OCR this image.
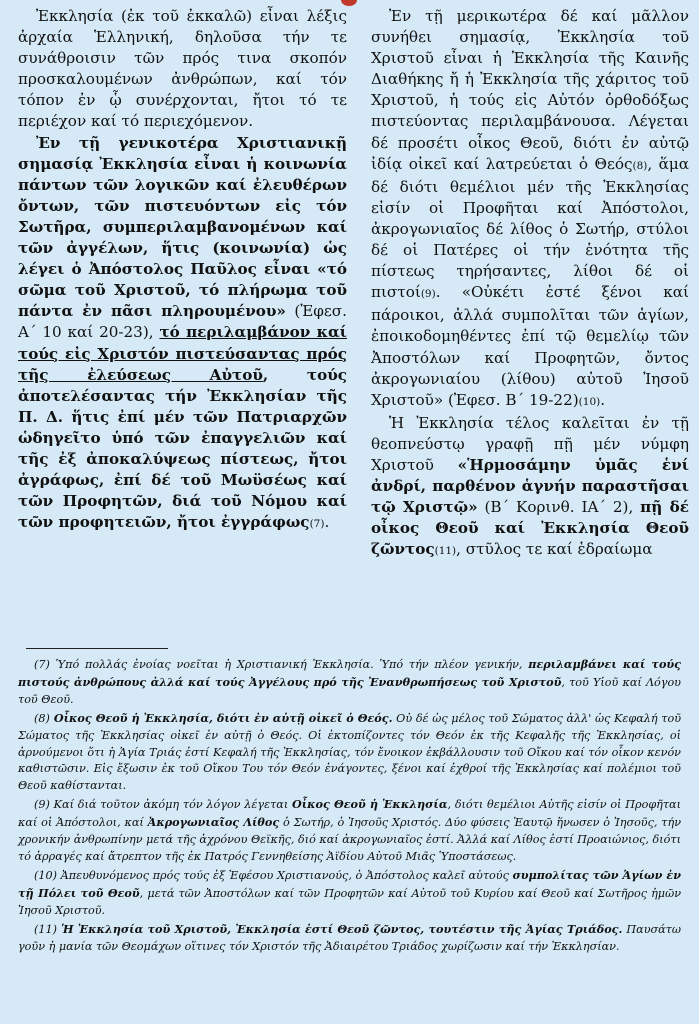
Ἐκκλησία (ἐκ τοῦ ἐκκαλῶ) εἶναι λέξις ἀρχαία Ἑλληνική, δηλοῦσα τήν τε συνάθροισιν τῶν πρός τινα σκοπόν προσκαλουμένων ἀνθρώπων, καί τόν τόπον ἐν ᾧ συνέρχονται, ἤτοι τό τε περιέχον καί τό περιεχόμενον.

Ἐν τῇ γενικοτέρα Χριστιανικῇ σημασίᾳ Ἐκκλησία εἶναι ἡ κοινωνία πάντων τῶν λογικῶν καί ἐλευθέρων ὄντων, τῶν πιστευόντων εἰς τόν Σωτῆρα, συμπεριλαμβανομένων καί τῶν ἀγγέλων, ἥτις (κοινωνία) ὡς λέγει ὁ Ἀπόστολος Παῦλος εἶναι «τό σῶμα τοῦ Χριστοῦ, τό πλήρωμα τοῦ πάντα ἐν πᾶσι πληρουμένου» (Ἐφεσ. Α΄ 10 καί 20-23), τό περιλαμβάνον καί τούς εἰς Χριστόν πιστεύσαντας πρός τῆς ἐλεύσεως Αὐτοῦ, τούς ἀποτελέσαντας τήν Ἐκκλησίαν τῆς Π. Δ. ἥτις ἐπί μέν τῶν Πατριαρχῶν ὡδηγεῖτο ὑπό τῶν ἐπαγγελιῶν καί τῆς ἐξ ἀποκαλύψεως πίστεως, ἤτοι ἀγράφως, ἐπί δέ τοῦ Μωϋσέως καί τῶν Προφητῶν, διά τοῦ Νόμου καί τῶν προφητειῶν, ἤτοι ἐγγράφως(7).

Ἐν τῇ μερικωτέρα δέ καί μᾶλλον συνήθει σημασίᾳ, Ἐκκλησία τοῦ Χριστοῦ εἶναι ἡ Ἐκκλησία τῆς Καινῆς Διαθήκης ἤ ἡ Ἐκκλησία τῆς χάριτος τοῦ Χριστοῦ, ἡ τούς εἰς Αὐτόν ὀρθοδόξως πιστεύοντας περιλαμβάνουσα. Λέγεται δέ προσέτι οἶκος Θεοῦ, διότι ἐν αὐτῷ ἰδίᾳ οἰκεῖ καί λατρεύεται ὁ Θεός(8), ἅμα δέ διότι θεμέλιοι μέν τῆς Ἐκκλησίας εἰσίν οἱ Προφῆται καί Ἀπόστολοι, ἀκρογωνιαῖος δέ λίθος ὁ Σωτήρ, στύλοι δέ οἱ Πατέρες οἱ τήν ἑνότητα τῆς πίστεως τηρήσαντες, λίθοι δέ οἱ πιστοί(9). «Οὐκέτι ἐστέ ξένοι καί πάροικοι, ἀλλά συμπολῖται τῶν ἁγίων, ἐποικοδομηθέντες ἐπί τῷ θεμελίῳ τῶν Ἀποστόλων καί Προφητῶν, ὄντος ἀκρογωνιαίου (λίθου) αὐτοῦ Ἰησοῦ Χριστοῦ» (Ἐφεσ. Β΄ 19-22)(10).

Ἡ Ἐκκλησία τέλος καλεῖται ἐν τῇ θεοπνεύστῳ γραφῇ πῇ μέν νύμφη Χριστοῦ «Ἡρμοσάμην ὑμᾶς ἑνί ἀνδρί, παρθένον ἁγνήν παραστῆσαι τῷ Χριστῷ» (Β΄ Κορινθ. ΙΑ΄ 2), πῇ δέ οἶκος Θεοῦ καί Ἐκκλησία Θεοῦ ζῶντος(11), στῦλος τε καί ἑδραίωμα

(7) Ὑπό πολλάς ἐνοίας νοεῖται ἡ Χριστιανική Ἐκκλησία. Ὑπό τήν πλέον γενικήν, περιλαμβάνει καί τούς πιστούς ἀνθρώπους ἀλλά καί τούς Ἀγγέλους πρό τῆς Ἐνανθρωπήσεως τοῦ Χριστοῦ, τοῦ Υἱοῦ καί Λόγου τοῦ Θεοῦ.

(8) Οἶκος Θεοῦ ἡ Ἐκκλησία, διότι ἐν αὐτῇ οἰκεῖ ὁ Θεός. Οὐ δέ ὡς μέλος τοῦ Σώματος ἀλλ' ὡς Κεφαλή τοῦ Σώματος τῆς Ἐκκλησίας οἰκεῖ ἐν αὐτῇ ὁ Θεός. Οἱ ἐκτοπίζοντες τόν Θεόν ἐκ τῆς Κεφαλῆς τῆς Ἐκκλησίας, οἱ ἀρνούμενοι ὅτι ἡ Ἁγία Τριάς ἐστί Κεφαλή τῆς Ἐκκλησίας, τόν ἔνοικον ἐκβάλλουσιν τοῦ Οἴκου καί τόν οἶκον κενόν καθιστῶσιν. Εἰς ἔξωσιν ἐκ τοῦ Οἴκου Του τόν Θεόν ἐνάγοντες, ξένοι καί ἐχθροί τῆς Ἐκκλησίας καί πολέμιοι τοῦ Θεοῦ καθίστανται.

(9) Καί διά τοῦτον ἀκόμη τόν λόγον λέγεται Οἶκος Θεοῦ ἡ Ἐκκλησία, διότι θεμέλιοι Αὐτῆς εἰσίν οἱ Προφῆται καί οἱ Ἀπόστολοι, καί Ἀκρογωνιαῖος Λίθος ὁ Σωτήρ, ὁ Ἰησοῦς Χριστός. Δύο φύσεις Ἑαυτῷ ἥνωσεν ὁ Ἰησοῦς, τήν χρονικήν ἀνθρωπίνην μετά τῆς ἀχρόνου Θεϊκῆς, διό καί ἀκρογωνιαῖος ἐστί. Ἀλλά καί Λίθος ἐστί Προαιώνιος, διότι τό ἀρραγές καί ἄτρεπτον τῆς ἐκ Πατρός Γεννηθείσης Ἀϊδίου Αὐτοῦ Μιᾶς Ὑποστάσεως.

(10) Ἀπευθυνόμενος πρός τούς ἐξ Ἐφέσου Χριστιανούς, ὁ Ἀπόστολος καλεῖ αὐτούς συμπολίτας τῶν Ἁγίων ἐν τῇ Πόλει τοῦ Θεοῦ, μετά τῶν Ἀποστόλων καί τῶν Προφητῶν καί Αὐτοῦ τοῦ Κυρίου καί Θεοῦ καί Σωτῆρος ἡμῶν Ἰησοῦ Χριστοῦ.

(11) Ἡ Ἐκκλησία τοῦ Χριστοῦ, Ἐκκλησία ἐστί Θεοῦ ζῶντος, τουτέστιν τῆς Ἁγίας Τριάδος. Παυσάτω γοῦν ἡ μανία τῶν Θεομάχων οἵτινες τόν Χριστόν τῆς Ἀδιαιρέτου Τριάδος χωρίζωσιν καί τήν Ἐκκλησίαν.
